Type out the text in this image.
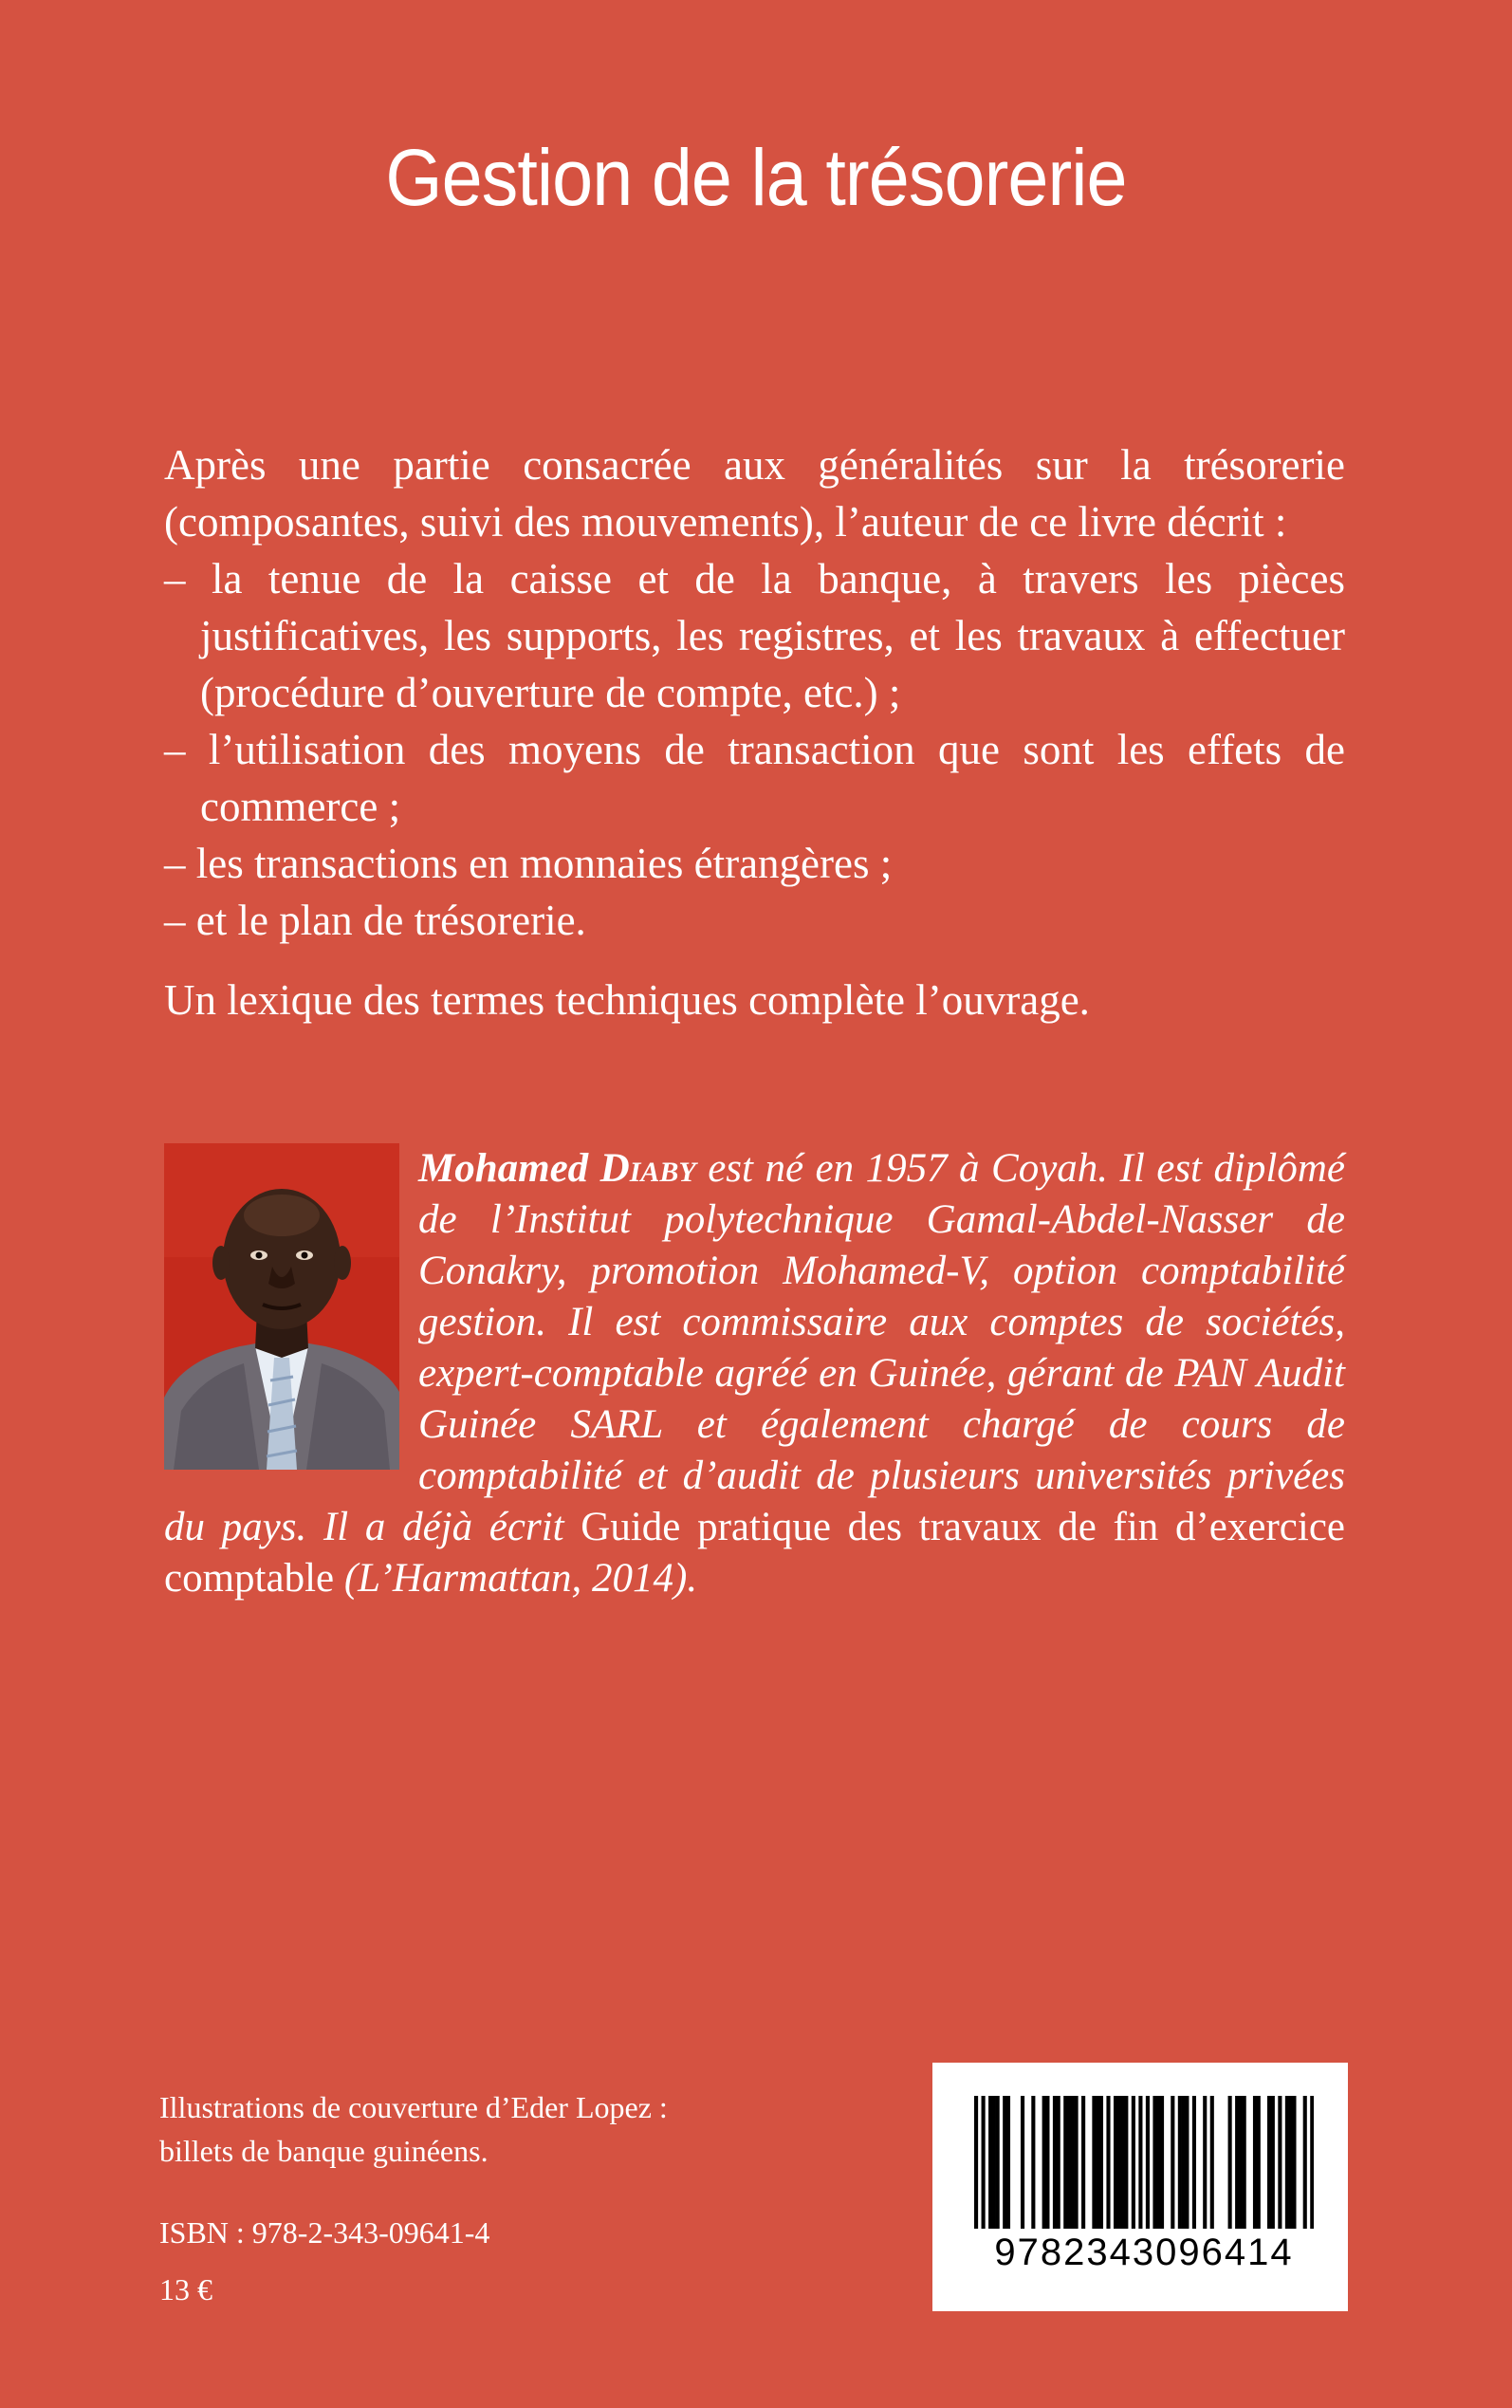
Gestion de la trésorerie

Après une partie consacrée aux généralités sur la trésorerie (composantes, suivi des mouvements), l’auteur de ce livre décrit :

– la tenue de la caisse et de la banque, à travers les pièces justificatives, les supports, les registres, et les travaux à effectuer (procédure d’ouverture de compte, etc.) ;
– l’utilisation des moyens de transaction que sont les effets de commerce ;
– les transactions en monnaies étrangères ;
– et le plan de trésorerie.

Un lexique des termes techniques complète l’ouvrage.

Mohamed Diaby est né en 1957 à Coyah. Il est diplômé de l’Institut polytechnique Gamal-Abdel-Nasser de Conakry, promotion Mohamed-V, option comptabilité gestion. Il est commissaire aux comptes de sociétés, expert-comptable agréé en Guinée, gérant de PAN Audit Guinée SARL et également chargé de cours de comptabilité et d’audit de plusieurs universités privées du pays. Il a déjà écrit Guide pratique des travaux de fin d’exercice comptable (L’Harmattan, 2014).
Illustrations de couverture d’Eder Lopez :
billets de banque guinéens.
ISBN : 978-2-343-09641-4
13 €
9782343096414
